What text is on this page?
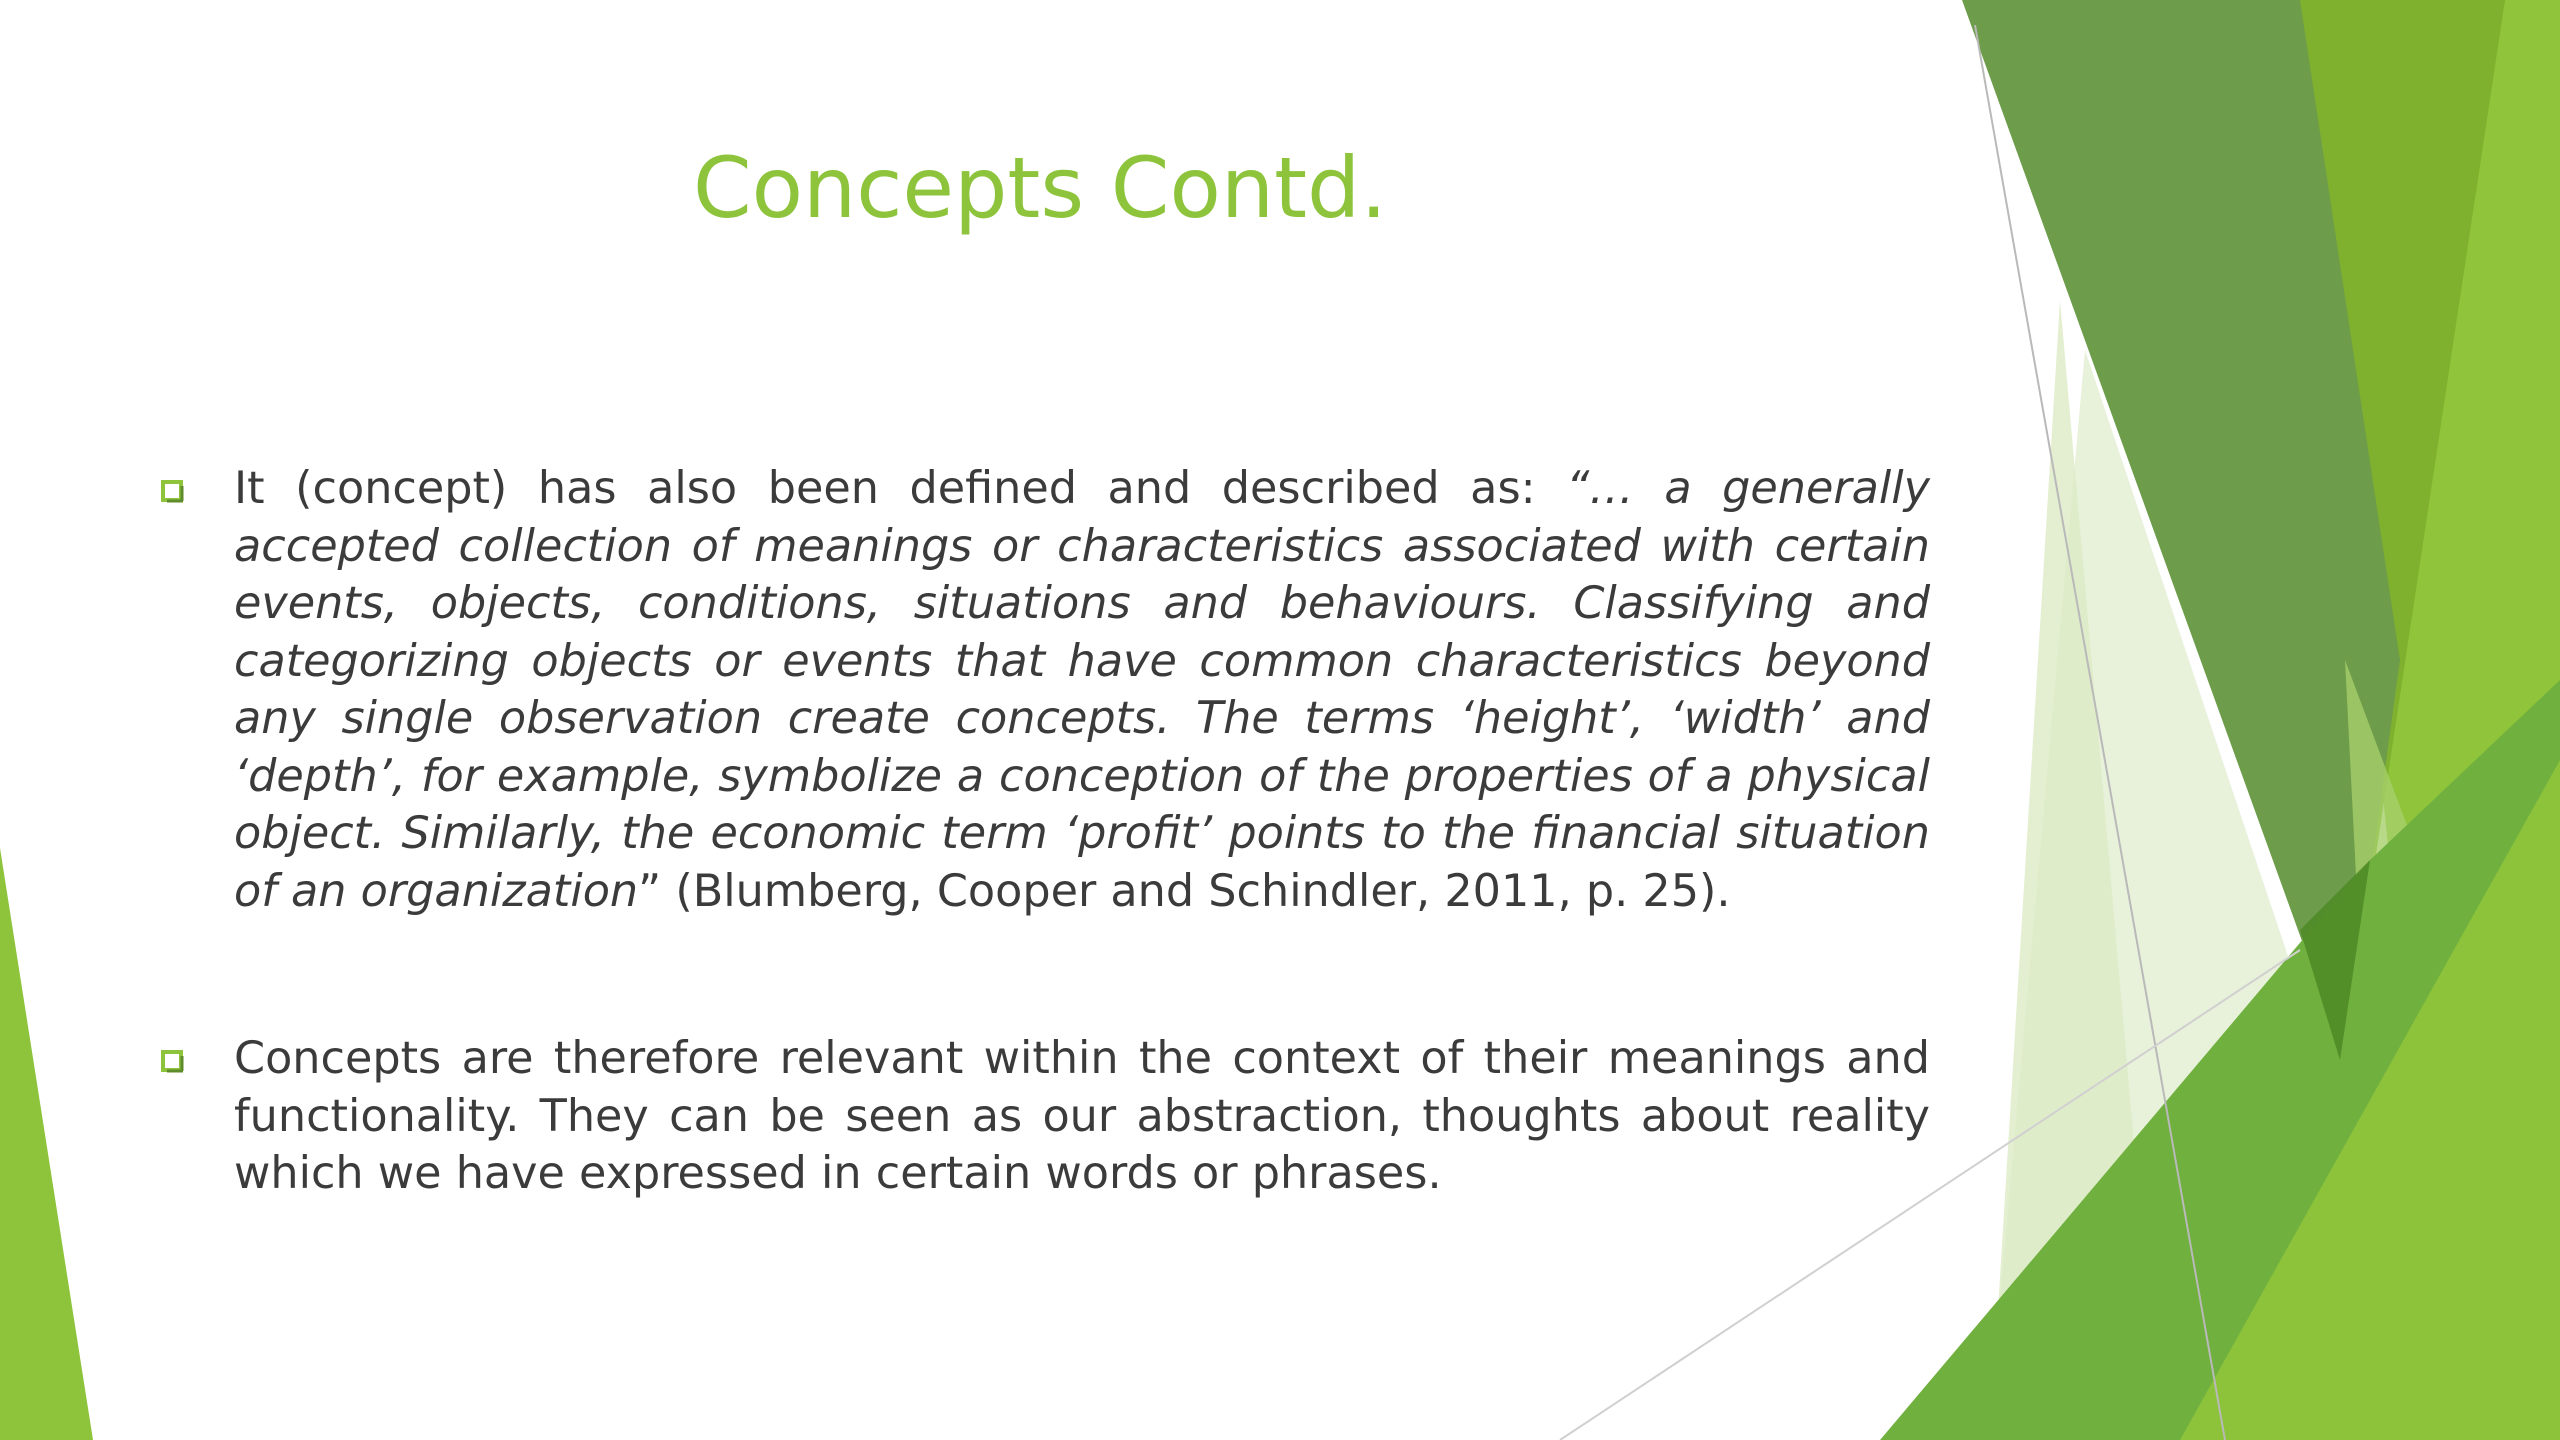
Concepts Contd.
It (concept) has also been defined and described as: “… a generally accepted collection of meanings or characteristics associated with certain events, objects, conditions, situations and behaviours. Classifying and categorizing objects or events that have common characteristics beyond any single observation create concepts. The terms ‘height’, ‘width’ and ‘depth’, for example, symbolize a conception of the properties of a physical object. Similarly, the economic term ‘profit’ points to the financial situation of an organization” (Blumberg, Cooper and Schindler, 2011, p. 25).
Concepts are therefore relevant within the context of their meanings and functionality. They can be seen as our abstraction, thoughts about reality which we have expressed in certain words or phrases.
